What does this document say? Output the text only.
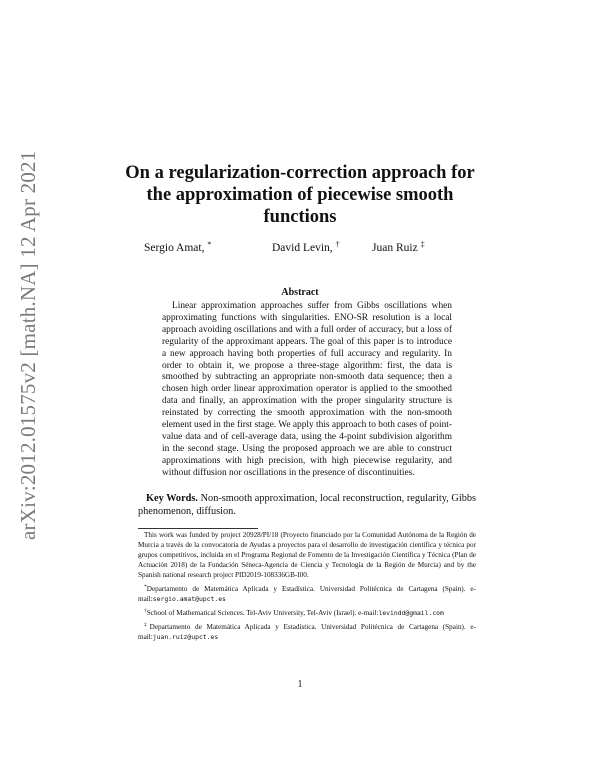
arXiv:2012.01575v2 [math.NA] 12 Apr 2021	On a regularization-correction approach for the approximation of piecewise smooth functions
Sergio Amat, *	David Levin, †	Juan Ruiz ‡
Abstract

Linear approximation approaches suffer from Gibbs oscillations when approximating functions with singularities. ENO-SR resolution is a local approach avoiding oscillations and with a full order of accuracy, but a loss of regularity of the approximant appears. The goal of this paper is to introduce a new approach having both properties of full accuracy and regularity. In order to obtain it, we propose a three-stage algorithm: first, the data is smoothed by subtracting an appropriate non-smooth data sequence; then a chosen high order linear approximation operator is applied to the smoothed data and finally, an approximation with the proper singularity structure is reinstated by correcting the smooth approximation with the non-smooth element used in the first stage. We apply this approach to both cases of point-value data and of cell-average data, using the 4-point subdivision algorithm in the second stage. Using the proposed approach we are able to construct approximations with high precision, with high piecewise regularity, and without diffusion nor oscillations in the presence of discontinuities.

Key Words. Non-smooth approximation, local reconstruction, regularity, Gibbs phenomenon, diffusion.

This work was funded by project 20928/PI/18 (Proyecto financiado por la Comunidad Autónoma de la Región de Murcia a través de la convocatoria de Ayudas a proyectos para el desarrollo de investigación científica y técnica por grupos competitivos, incluida en el Programa Regional de Fomento de la Investigación Científica y Técnica (Plan de Actuación 2018) de la Fundación Séneca-Agencia de Ciencia y Tecnología de la Región de Murcia) and by the Spanish national research project PID2019-108336GB-I00.

*Departamento de Matemática Aplicada y Estadística. Universidad Politécnica de Cartagena (Spain). e-mail:sergio.amat@upct.es

†School of Mathematical Sciences. Tel-Aviv University, Tel-Aviv (Israel). e-mail:levindd@gmail.com

‡Departamento de Matemática Aplicada y Estadística. Universidad Politécnica de Cartagena (Spain). e-mail:juan.ruiz@upct.es

1
